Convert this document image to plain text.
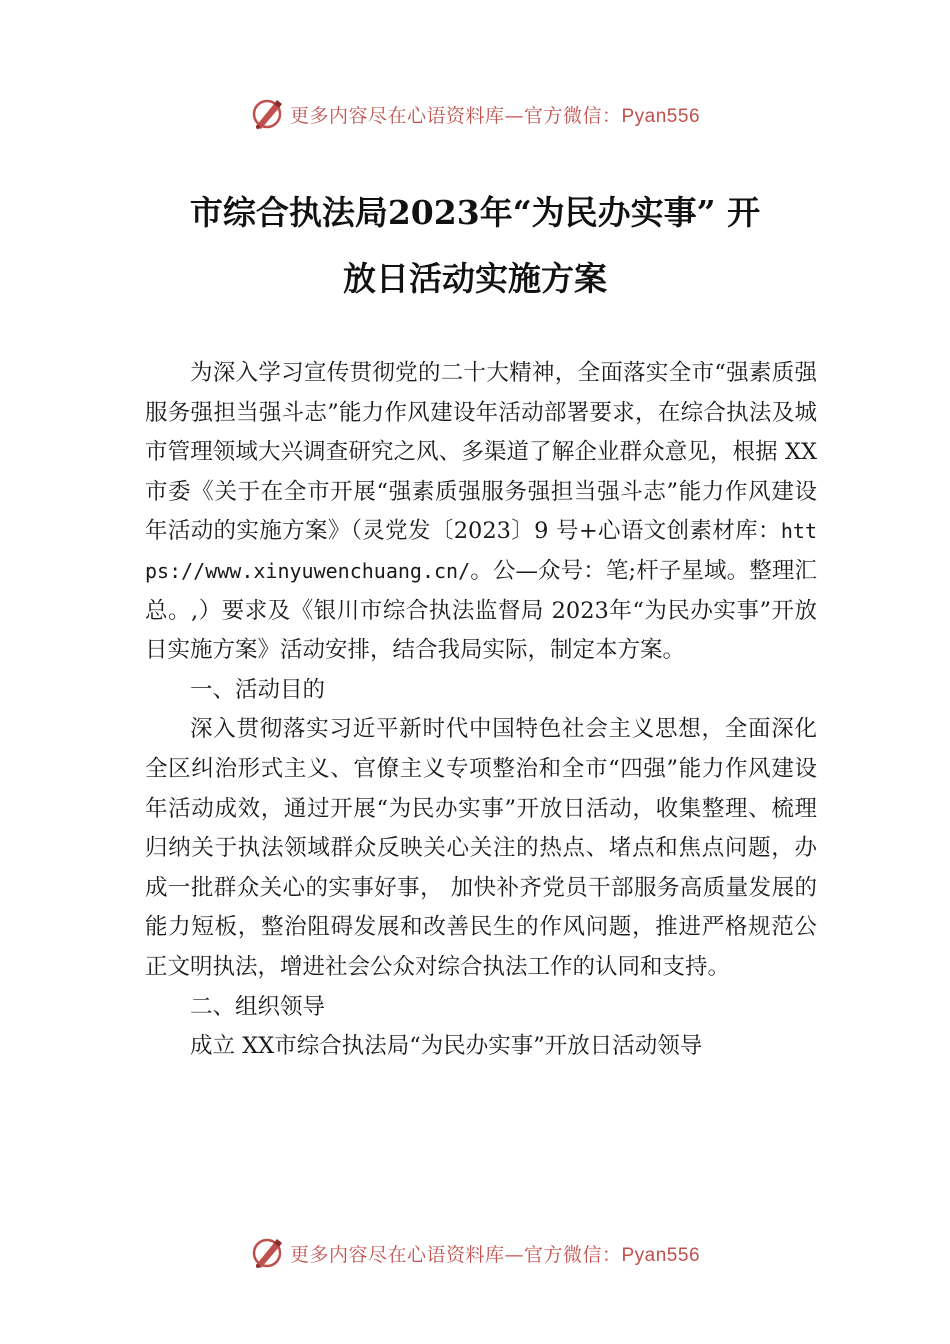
更多内容尽在心语资料库—官方微信：Pyan556
市综合执法局2023年“为民办实事” 开
放日活动实施方案

为深入学习宣传贯彻党的二十大精神，全面落实全市“强素质强服务强担当强斗志”能力作风建设年活动部署要求，在综合执法及城市管理领域大兴调查研究之风、多渠道了解企业群众意见，根据 XX市委《关于在全市开展“强素质强服务强担当强斗志”能力作风建设年活动的实施方案》（灵党发〔2023〕9 号+心语文创素材库：https://www.xinyuwenchuang.cn/。公—众号：笔;杆子星域。整理汇总。,）要求及《银川市综合执法监督局 2023年“为民办实事”开放日实施方案》活动安排，结合我局实际，制定本方案。

一、活动目的

深入贯彻落实习近平新时代中国特色社会主义思想，全面深化全区纠治形式主义、官僚主义专项整治和全市“四强”能力作风建设年活动成效，通过开展“为民办实事”开放日活动，收集整理、梳理归纳关于执法领域群众反映关心关注的热点、堵点和焦点问题，办成一批群众关心的实事好事， 加快补齐党员干部服务高质量发展的能力短板，整治阻碍发展和改善民生的作风问题，推进严格规范公正文明执法，增进社会公众对综合执法工作的认同和支持。

二、组织领导

成立 XX市综合执法局“为民办实事”开放日活动领导

更多内容尽在心语资料库—官方微信：Pyan556
